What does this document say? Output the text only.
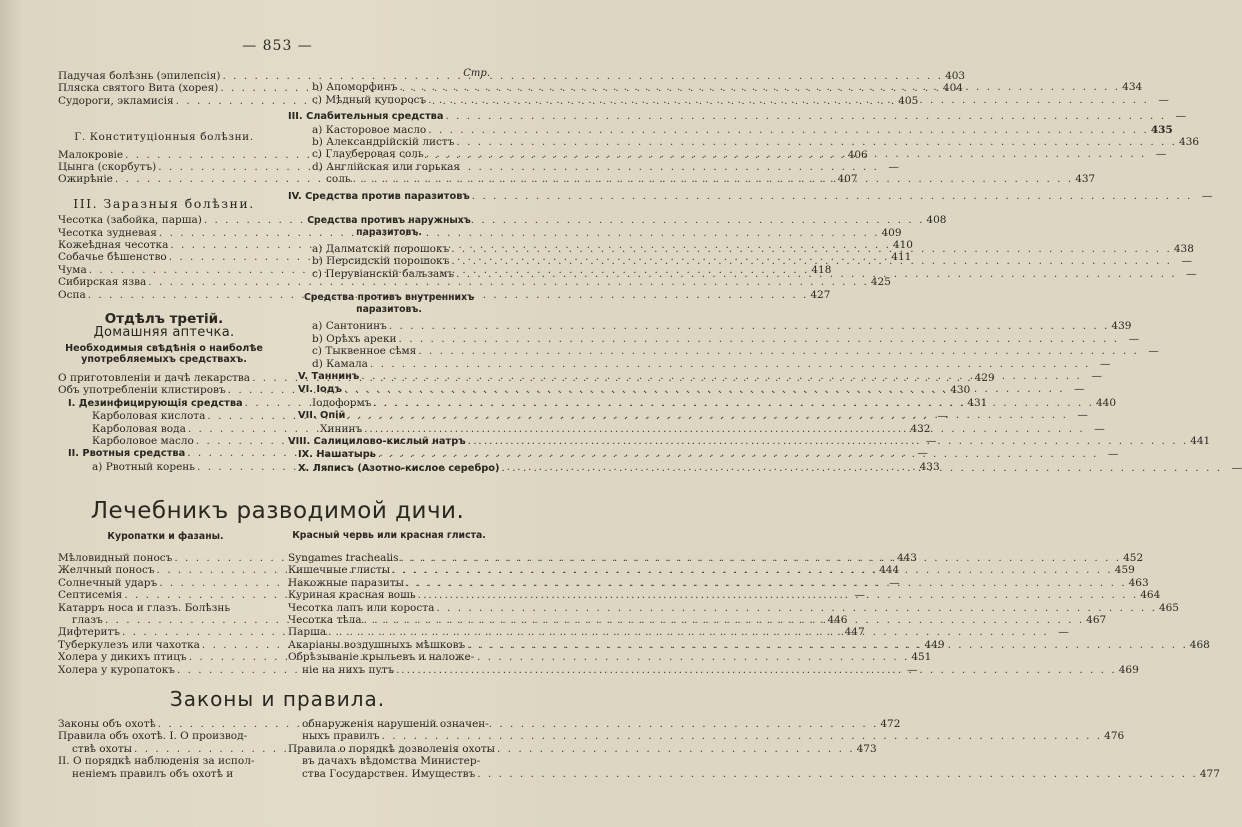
— 853 —
Падучая болѣзнь (эпилепсія) . . .	403
Пляска святого Вита (хорея) . . .	404
Судороги, экламисія . . .	405
Г. Конституціонныя болѣзни.
Малокровіе . . .	406
Цынга (скорбутъ) . . .	—
Ожирѣніе . . .	407
III. Заразныя болѣзни.
Чесотка (забойка, парша) . . .	408
Чесотка зудневая . . .	409
Кожеѣдная чесотка . . .	410
Собачье бѣшенство . . .	411
Чума . . .	418
Сибирская язва . . .	425
Оспа . . .	427
Отдѣлъ третій.
Домашняя аптечка.
Необходимыя свѣдѣнія о наиболѣе
употребляемыхъ средствахъ.
О приготовленіи и дачѣ лекарства . . .	429
Объ употребленіи клистировъ . . .	430
I. Дезинфицирующія средства . . .	431
Карболовая кислота . . .	—
Карболовая вода . . .	432
Карболовое масло . . .	—
II. Рвотныя средства . . .	—
а) Рвотный корень . . .	433
Стр.
b) Апоморфинъ . . .	434
c) Мѣдный купоросъ . . .	—
III. Слабительныя средства . . .	—
a) Касторовое масло . . .	435
b) Александрійскій листъ . . .	436
c) Глауберовая соль . . .	—
d) Англійская или горькая
соль . . .	437
IV. Средства против паразитовъ . . .	—
Средства противъ наружныхъ
паразитовъ.
a) Далматскій порошокъ . . .	438
b) Персидскій порошокъ . . .	—
c) Перувіанскій бальзамъ . . .	—
Средства противъ внутреннихъ
паразитовъ.
a) Сантонинъ . . .	439
b) Орѣхъ ареки . . .	—
c) Тыквенное сѣмя . . .	—
d) Камала . . .	—
V. Таннинъ . . .	—
VI. Іодъ . . .	—
Іодоформъ . . .	440
VII. Опій . . .	—
Хининъ . . .	—
VIII. Салицилово-кислый натръ . . .	441
IX. Нашатырь . . .	—
X. Ляписъ (Азотно-кислое серебро) . . .	—
Лечебникъ разводимой дичи.
Куропатки и фазаны.	Красный червь или красная глиста.
Мѣловидный поносъ . . .	443
Желчный поносъ . . .	444
Солнечный ударъ . . .	—
Септисемія . . .	—
Катарръ носа и глазъ. Болѣзнь
глазъ . . .	446
Дифтеритъ . . .	447
Туберкулезъ или чахотка . . .	449
Холера у дикихъ птицъ . . .	451
Холера у куропатокъ . . .	—
Syngames trachealis . . .	452
Кишечные глисты . . .	459
Накожные паразиты . . .	463
Куриная красная вошь . . .	464
Чесотка лапъ или короста . . .	465
Чесотка тѣла . . .	467
Парша . . .	—
Акаріаны воздушныхъ мѣшковъ . . .	468
Обрѣзываніе крыльевъ и наложе-
ніе на нихъ путъ . . .	469
Законы и правила.
Законы объ охотѣ . . .	472
Правила объ охотѣ. I. О производ-
ствѣ охоты . . .	473
II. О порядкѣ наблюденія за испол-
неніемъ правилъ объ охотѣ и
обнаруженія нарушеній означен-
ныхъ правилъ . . .	476
Правила о порядкѣ дозволенія охоты
въ дачахъ вѣдомства Министер-
ства Государствен. Имуществъ . . .	477
